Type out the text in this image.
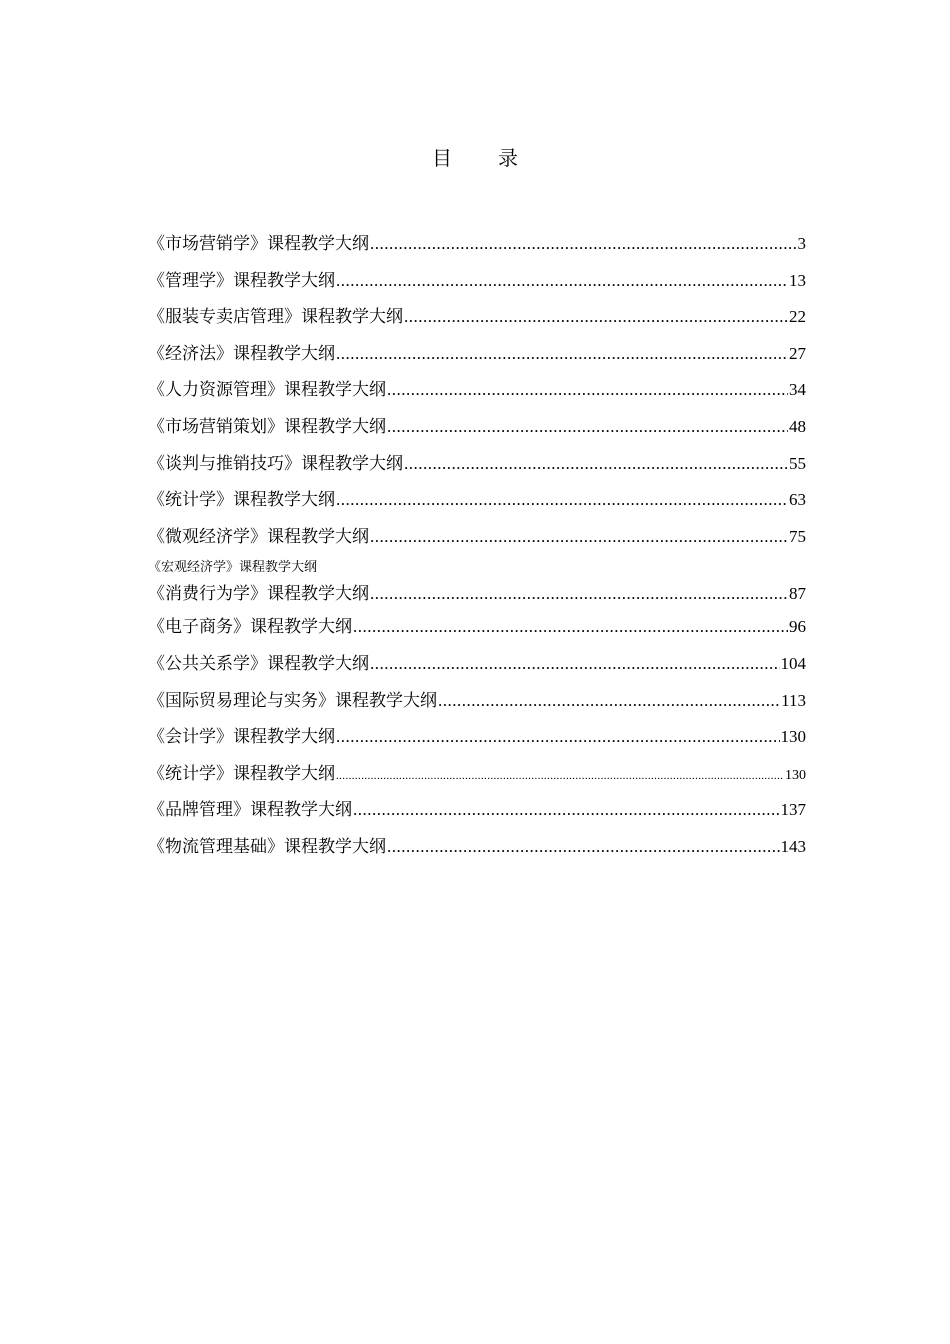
目 录
《市场营销学》课程教学大纲 .....	3
《管理学》课程教学大纲 .....	13
《服装专卖店管理》课程教学大纲 .....	22
《经济法》课程教学大纲 .....	27
《人力资源管理》课程教学大纲 .....	34
《市场营销策划》课程教学大纲 .....	48
《谈判与推销技巧》课程教学大纲 .....	55
《统计学》课程教学大纲 .....	63
《微观经济学》课程教学大纲 .....	75
《宏观经济学》课程教学大纲
《消费行为学》课程教学大纲 .....	87
《电子商务》课程教学大纲 .....	96
《公共关系学》课程教学大纲 .....	104
《国际贸易理论与实务》课程教学大纲 .....	113
《会计学》课程教学大纲 .....	130
《统计学》课程教学大纲 .....	130
《品牌管理》课程教学大纲 .....	137
《物流管理基础》课程教学大纲 .....	143
